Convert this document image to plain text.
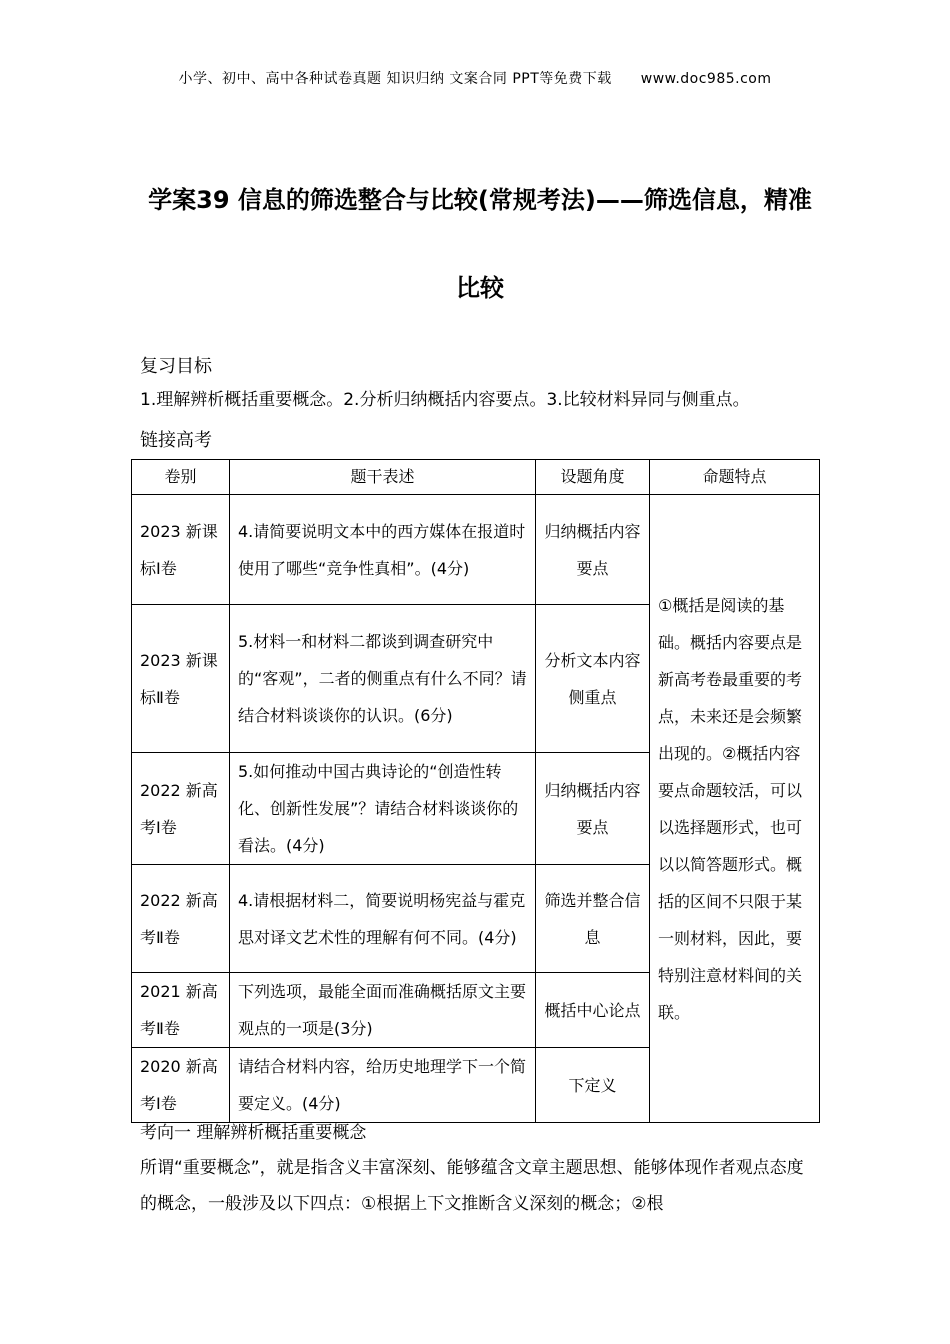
小学、初中、高中各种试卷真题 知识归纳 文案合同 PPT等免费下载 www.doc985.com
学案39 信息的筛选整合与比较(常规考法)——筛选信息，精准
比较
复习目标
1.理解辨析概括重要概念。2.分析归纳概括内容要点。3.比较材料异同与侧重点。
链接高考
卷别	题干表述	设题角度	命题特点
2023 新课标Ⅰ卷	4.请简要说明文本中的西方媒体在报道时使用了哪些“竞争性真相”。(4分)	归纳概括内容要点	①概括是阅读的基础。概括内容要点是新高考卷最重要的考点，未来还是会频繁出现的。②概括内容要点命题较活，可以以选择题形式，也可以以简答题形式。概括的区间不只限于某一则材料，因此，要特别注意材料间的关联。
2023 新课标Ⅱ卷	5.材料一和材料二都谈到调查研究中的“客观”，二者的侧重点有什么不同？请结合材料谈谈你的认识。(6分)	分析文本内容侧重点	
2022 新高考Ⅰ卷	5.如何推动中国古典诗论的“创造性转化、创新性发展”？请结合材料谈谈你的看法。(4分)	归纳概括内容要点	
2022 新高考Ⅱ卷	4.请根据材料二，简要说明杨宪益与霍克思对译文艺术性的理解有何不同。(4分)	筛选并整合信息	
2021 新高考Ⅱ卷	下列选项，最能全面而准确概括原文主要观点的一项是(3分)	概括中心论点	
2020 新高考Ⅰ卷	请结合材料内容，给历史地理学下一个简要定义。(4分)	下定义	
考向一 理解辨析概括重要概念
所谓“重要概念”，就是指含义丰富深刻、能够蕴含文章主题思想、能够体现作者观点态度的概念，一般涉及以下四点：①根据上下文推断含义深刻的概念；②根
